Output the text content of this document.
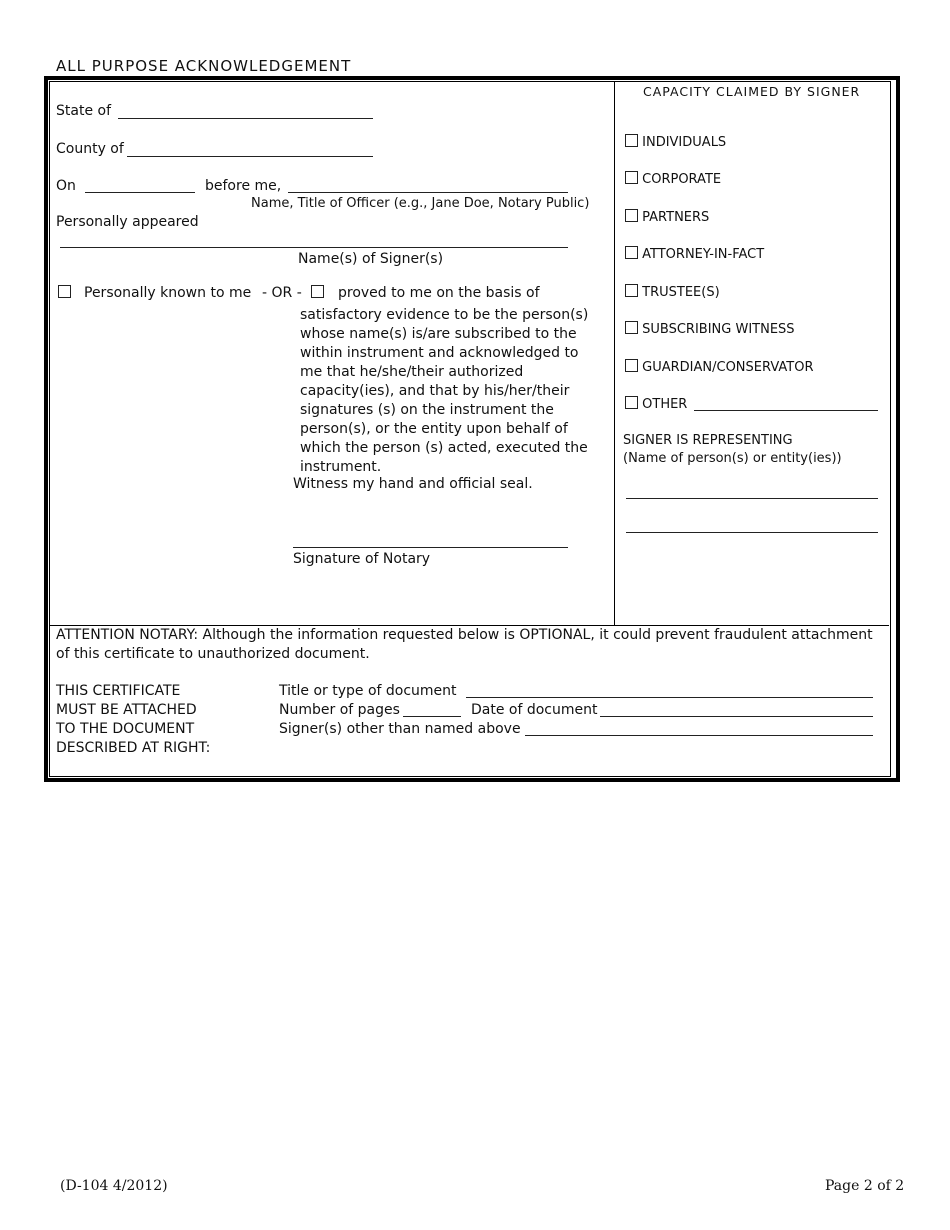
ALL PURPOSE ACKNOWLEDGEMENT
State of
County of
On	before me,
Name, Title of Officer (e.g., Jane Doe, Notary Public)
Personally appeared
Name(s) of Signer(s)
Personally known to me - OR -	proved to me on the basis of
satisfactory evidence to be the person(s) whose name(s) is/are subscribed to the within instrument and acknowledged to me that he/she/their authorized capacity(ies), and that by his/her/their signatures (s) on the instrument the person(s), or the entity upon behalf of which the person (s) acted, executed the instrument.
Witness my hand and official seal.
Signature of Notary
CAPACITY CLAIMED BY SIGNER
INDIVIDUALS
CORPORATE
PARTNERS
ATTORNEY-IN-FACT
TRUSTEE(S)
SUBSCRIBING WITNESS
GUARDIAN/CONSERVATOR
OTHER
SIGNER IS REPRESENTING
(Name of person(s) or entity(ies))
ATTENTION NOTARY: Although the information requested below is OPTIONAL, it could prevent fraudulent attachment
of this certificate to unauthorized document.
THIS CERTIFICATE
MUST BE ATTACHED
TO THE DOCUMENT
DESCRIBED AT RIGHT:
Title or type of document
Number of pages	Date of document
Signer(s) other than named above
(D-104 4/2012)	Page 2 of 2
